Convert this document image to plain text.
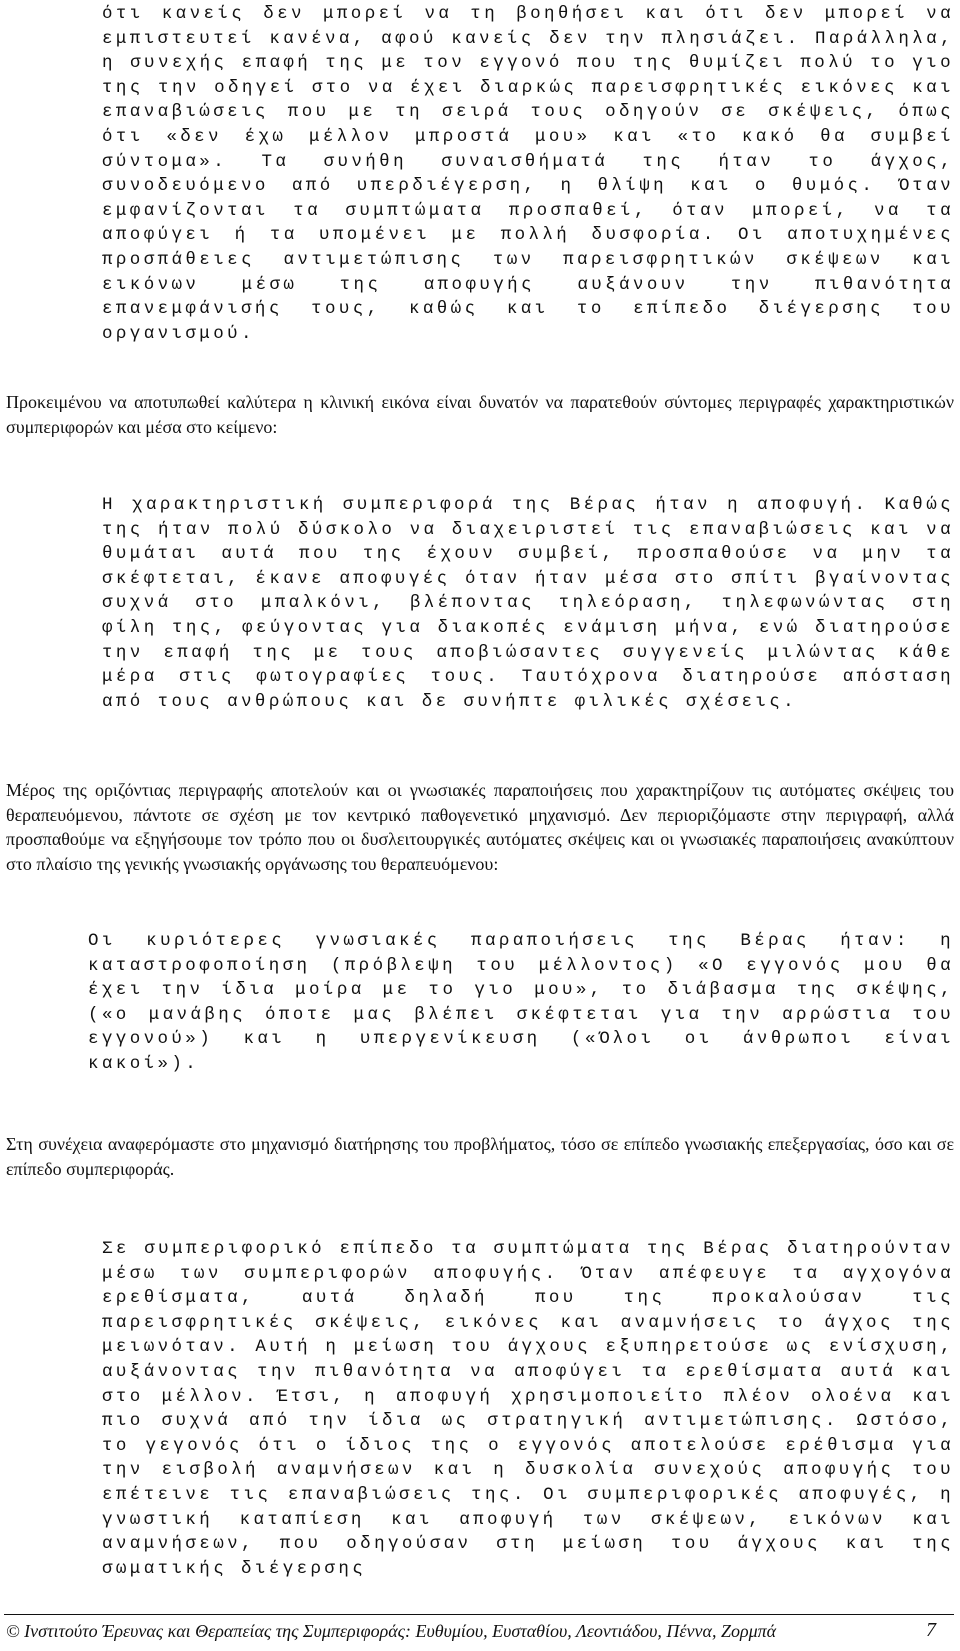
ότι κανείς δεν μπορεί να τη βοηθήσει και ότι δεν μπορεί να εμπιστευτεί κανένα, αφού κανείς δεν την πλησιάζει. Παράλληλα, η συνεχής επαφή της με τον εγγονό που της θυμίζει πολύ το γιο της την οδηγεί στο να έχει διαρκώς παρεισφρητικές εικόνες και επαναβιώσεις που με τη σειρά τους οδηγούν σε σκέψεις, όπως ότι «δεν έχω μέλλον μπροστά μου» και «το κακό θα συμβεί σύντομα». Τα συνήθη συναισθήματά της ήταν το άγχος, συνοδευόμενο από υπερδιέγερση, η θλίψη και ο θυμός. Όταν εμφανίζονται τα συμπτώματα προσπαθεί, όταν μπορεί, να τα αποφύγει ή τα υπομένει με πολλή δυσφορία. Οι αποτυχημένες προσπάθειες αντιμετώπισης των παρεισφρητικών σκέψεων και εικόνων μέσω της αποφυγής αυξάνουν την πιθανότητα επανεμφάνισής τους, καθώς και το επίπεδο διέγερσης του οργανισμού.
Προκειμένου να αποτυπωθεί καλύτερα η κλινική εικόνα είναι δυνατόν να παρατεθούν σύντομες περιγραφές χαρακτηριστικών συμπεριφορών και μέσα στο κείμενο:
Η χαρακτηριστική συμπεριφορά της Βέρας ήταν η αποφυγή. Καθώς της ήταν πολύ δύσκολο να διαχειριστεί τις επαναβιώσεις και να θυμάται αυτά που της έχουν συμβεί, προσπαθούσε να μην τα σκέφτεται, έκανε αποφυγές όταν ήταν μέσα στο σπίτι βγαίνοντας συχνά στο μπαλκόνι, βλέποντας τηλεόραση, τηλεφωνώντας στη φίλη της, φεύγοντας για διακοπές ενάμιση μήνα, ενώ διατηρούσε την επαφή της με τους αποβιώσαντες συγγενείς μιλώντας κάθε μέρα στις φωτογραφίες τους. Ταυτόχρονα διατηρούσε απόσταση από τους ανθρώπους και δε συνήπτε φιλικές σχέσεις.
Μέρος της οριζόντιας περιγραφής αποτελούν και οι γνωσιακές παραποιήσεις που χαρακτηρίζουν τις αυτόματες σκέψεις του θεραπευόμενου, πάντοτε σε σχέση με τον κεντρικό παθογενετικό μηχανισμό. Δεν περιοριζόμαστε στην περιγραφή, αλλά προσπαθούμε να εξηγήσουμε τον τρόπο που οι δυσλειτουργικές αυτόματες σκέψεις και οι γνωσιακές παραποιήσεις ανακύπτουν στο πλαίσιο της γενικής γνωσιακής οργάνωσης του θεραπευόμενου:
Οι κυριότερες γνωσιακές παραποιήσεις της Βέρας ήταν: η καταστροφοποίηση (πρόβλεψη του μέλλοντος) «Ο εγγονός μου θα έχει την ίδια μοίρα με το γιο μου», το διάβασμα της σκέψης, («ο μανάβης όποτε μας βλέπει σκέφτεται για την αρρώστια του εγγονού») και η υπεργενίκευση («Όλοι οι άνθρωποι είναι κακοί»).
Στη συνέχεια αναφερόμαστε στο μηχανισμό διατήρησης του προβλήματος, τόσο σε επίπεδο γνωσιακής επεξεργασίας, όσο και σε επίπεδο συμπεριφοράς.
Σε συμπεριφορικό επίπεδο τα συμπτώματα της Βέρας διατηρούνταν μέσω των συμπεριφορών αποφυγής. Όταν απέφευγε τα αγχογόνα ερεθίσματα, αυτά δηλαδή που της προκαλούσαν τις παρεισφρητικές σκέψεις, εικόνες και αναμνήσεις το άγχος της μειωνόταν. Αυτή η μείωση του άγχους εξυπηρετούσε ως ενίσχυση, αυξάνοντας την πιθανότητα να αποφύγει τα ερεθίσματα αυτά και στο μέλλον. Έτσι, η αποφυγή χρησιμοποιείτο πλέον ολοένα και πιο συχνά από την ίδια ως στρατηγική αντιμετώπισης. Ωστόσο, το γεγονός ότι ο ίδιος της ο εγγονός αποτελούσε ερέθισμα για την εισβολή αναμνήσεων και η δυσκολία συνεχούς αποφυγής του επέτεινε τις επαναβιώσεις της. Οι συμπεριφορικές αποφυγές, η γνωστική καταπίεση και αποφυγή των σκέψεων, εικόνων και αναμνήσεων, που οδηγούσαν στη μείωση του άγχους και της σωματικής διέγερσης
© Ινστιτούτο Έρευνας και Θεραπείας της Συμπεριφοράς: Ευθυμίου, Ευσταθίου, Λεοντιάδου, Πέννα, Ζορμπά	7
